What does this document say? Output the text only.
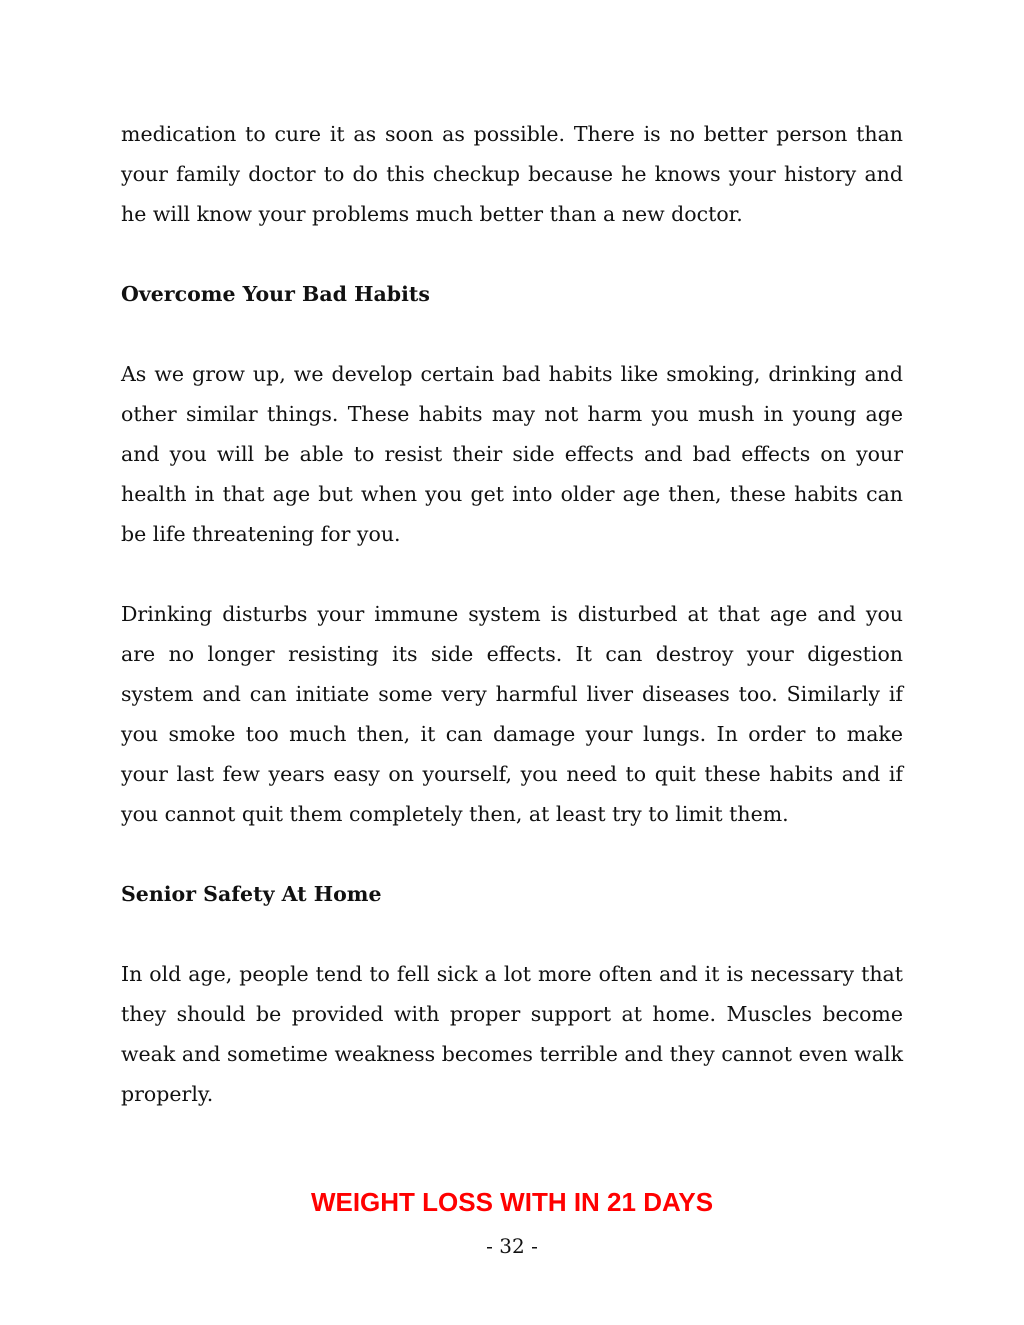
medication to cure it as soon as possible. There is no better person than your family doctor to do this checkup because he knows your history and he will know your problems much better than a new doctor.

Overcome Your Bad Habits

As we grow up, we develop certain bad habits like smoking, drinking and other similar things. These habits may not harm you mush in young age and you will be able to resist their side effects and bad effects on your health in that age but when you get into older age then, these habits can be life threatening for you.

Drinking disturbs your immune system is disturbed at that age and you are no longer resisting its side effects. It can destroy your digestion system and can initiate some very harmful liver diseases too. Similarly if you smoke too much then, it can damage your lungs. In order to make your last few years easy on yourself, you need to quit these habits and if you cannot quit them completely then, at least try to limit them.

Senior Safety At Home

In old age, people tend to fell sick a lot more often and it is necessary that they should be provided with proper support at home. Muscles become weak and sometime weakness becomes terrible and they cannot even walk properly.

WEIGHT LOSS WITH IN 21 DAYS
- 32 -
